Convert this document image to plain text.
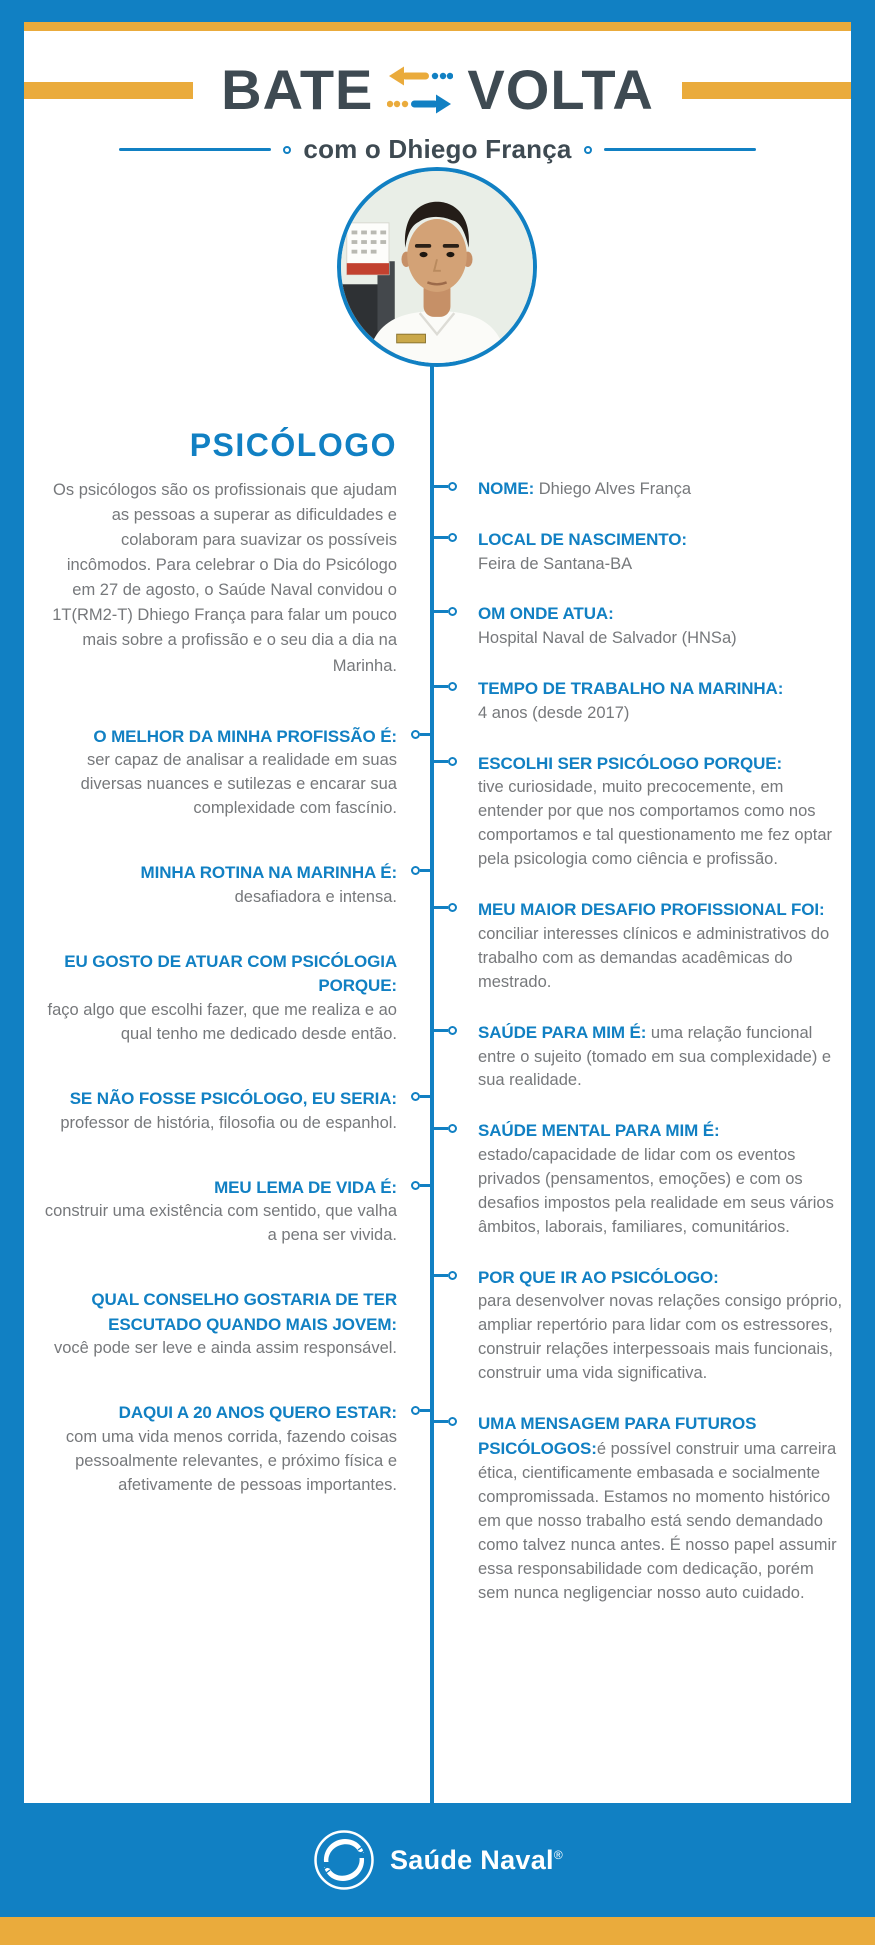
BATE VOLTA
com o Dhiego França
PSICÓLOGO

Os psicólogos são os profissionais que ajudam as pessoas a superar as dificuldades e colaboram para suavizar os possíveis incômodos. Para celebrar o Dia do Psicólogo em 27 de agosto, o Saúde Naval convidou o 1T(RM2-T) Dhiego França para falar um pouco mais sobre a profissão e o seu dia a dia na Marinha.

O MELHOR DA MINHA PROFISSÃO É:
ser capaz de analisar a realidade em suas diversas nuances e sutilezas e encarar sua complexidade com fascínio.

MINHA ROTINA NA MARINHA É:
desafiadora e intensa.

EU GOSTO DE ATUAR COM PSICÓLOGIA PORQUE:
faço algo que escolhi fazer, que me realiza e ao qual tenho me dedicado desde então.

SE NÃO FOSSE PSICÓLOGO, EU SERIA: professor de história, filosofia ou de espanhol.

MEU LEMA DE VIDA É:
construir uma existência com sentido, que valha a pena ser vivida.

QUAL CONSELHO GOSTARIA DE TER ESCUTADO QUANDO MAIS JOVEM:
você pode ser leve e ainda assim responsável.

DAQUI A 20 ANOS QUERO ESTAR:
com uma vida menos corrida, fazendo coisas pessoalmente relevantes, e próximo física e afetivamente de pessoas importantes.

NOME: Dhiego Alves França

LOCAL DE NASCIMENTO:
Feira de Santana-BA

OM ONDE ATUA:
Hospital Naval de Salvador (HNSa)

TEMPO DE TRABALHO NA MARINHA:
4 anos (desde 2017)

ESCOLHI SER PSICÓLOGO PORQUE:
tive curiosidade, muito precocemente, em entender por que nos comportamos como nos comportamos e tal questionamento me fez optar pela psicologia como ciência e profissão.

MEU MAIOR DESAFIO PROFISSIONAL FOI: conciliar interesses clínicos e administrativos do trabalho com as demandas acadêmicas do mestrado.

SAÚDE PARA MIM É: uma relação funcional entre o sujeito (tomado em sua complexidade) e sua realidade.

SAÚDE MENTAL PARA MIM É:
estado/capacidade de lidar com os eventos privados (pensamentos, emoções) e com os desafios impostos pela realidade em seus vários âmbitos, laborais, familiares, comunitários.

POR QUE IR AO PSICÓLOGO:
para desenvolver novas relações consigo próprio, ampliar repertório para lidar com os estressores, construir relações interpessoais mais funcionais, construir uma vida significativa.

UMA MENSAGEM PARA FUTUROS PSICÓLOGOS:é possível construir uma carreira ética, cientificamente embasada e socialmente compromissada. Estamos no momento histórico em que nosso trabalho está sendo demandado como talvez nunca antes. É nosso papel assumir essa responsabilidade com dedicação, porém sem nunca negligenciar nosso auto cuidado.

Saúde Naval®
